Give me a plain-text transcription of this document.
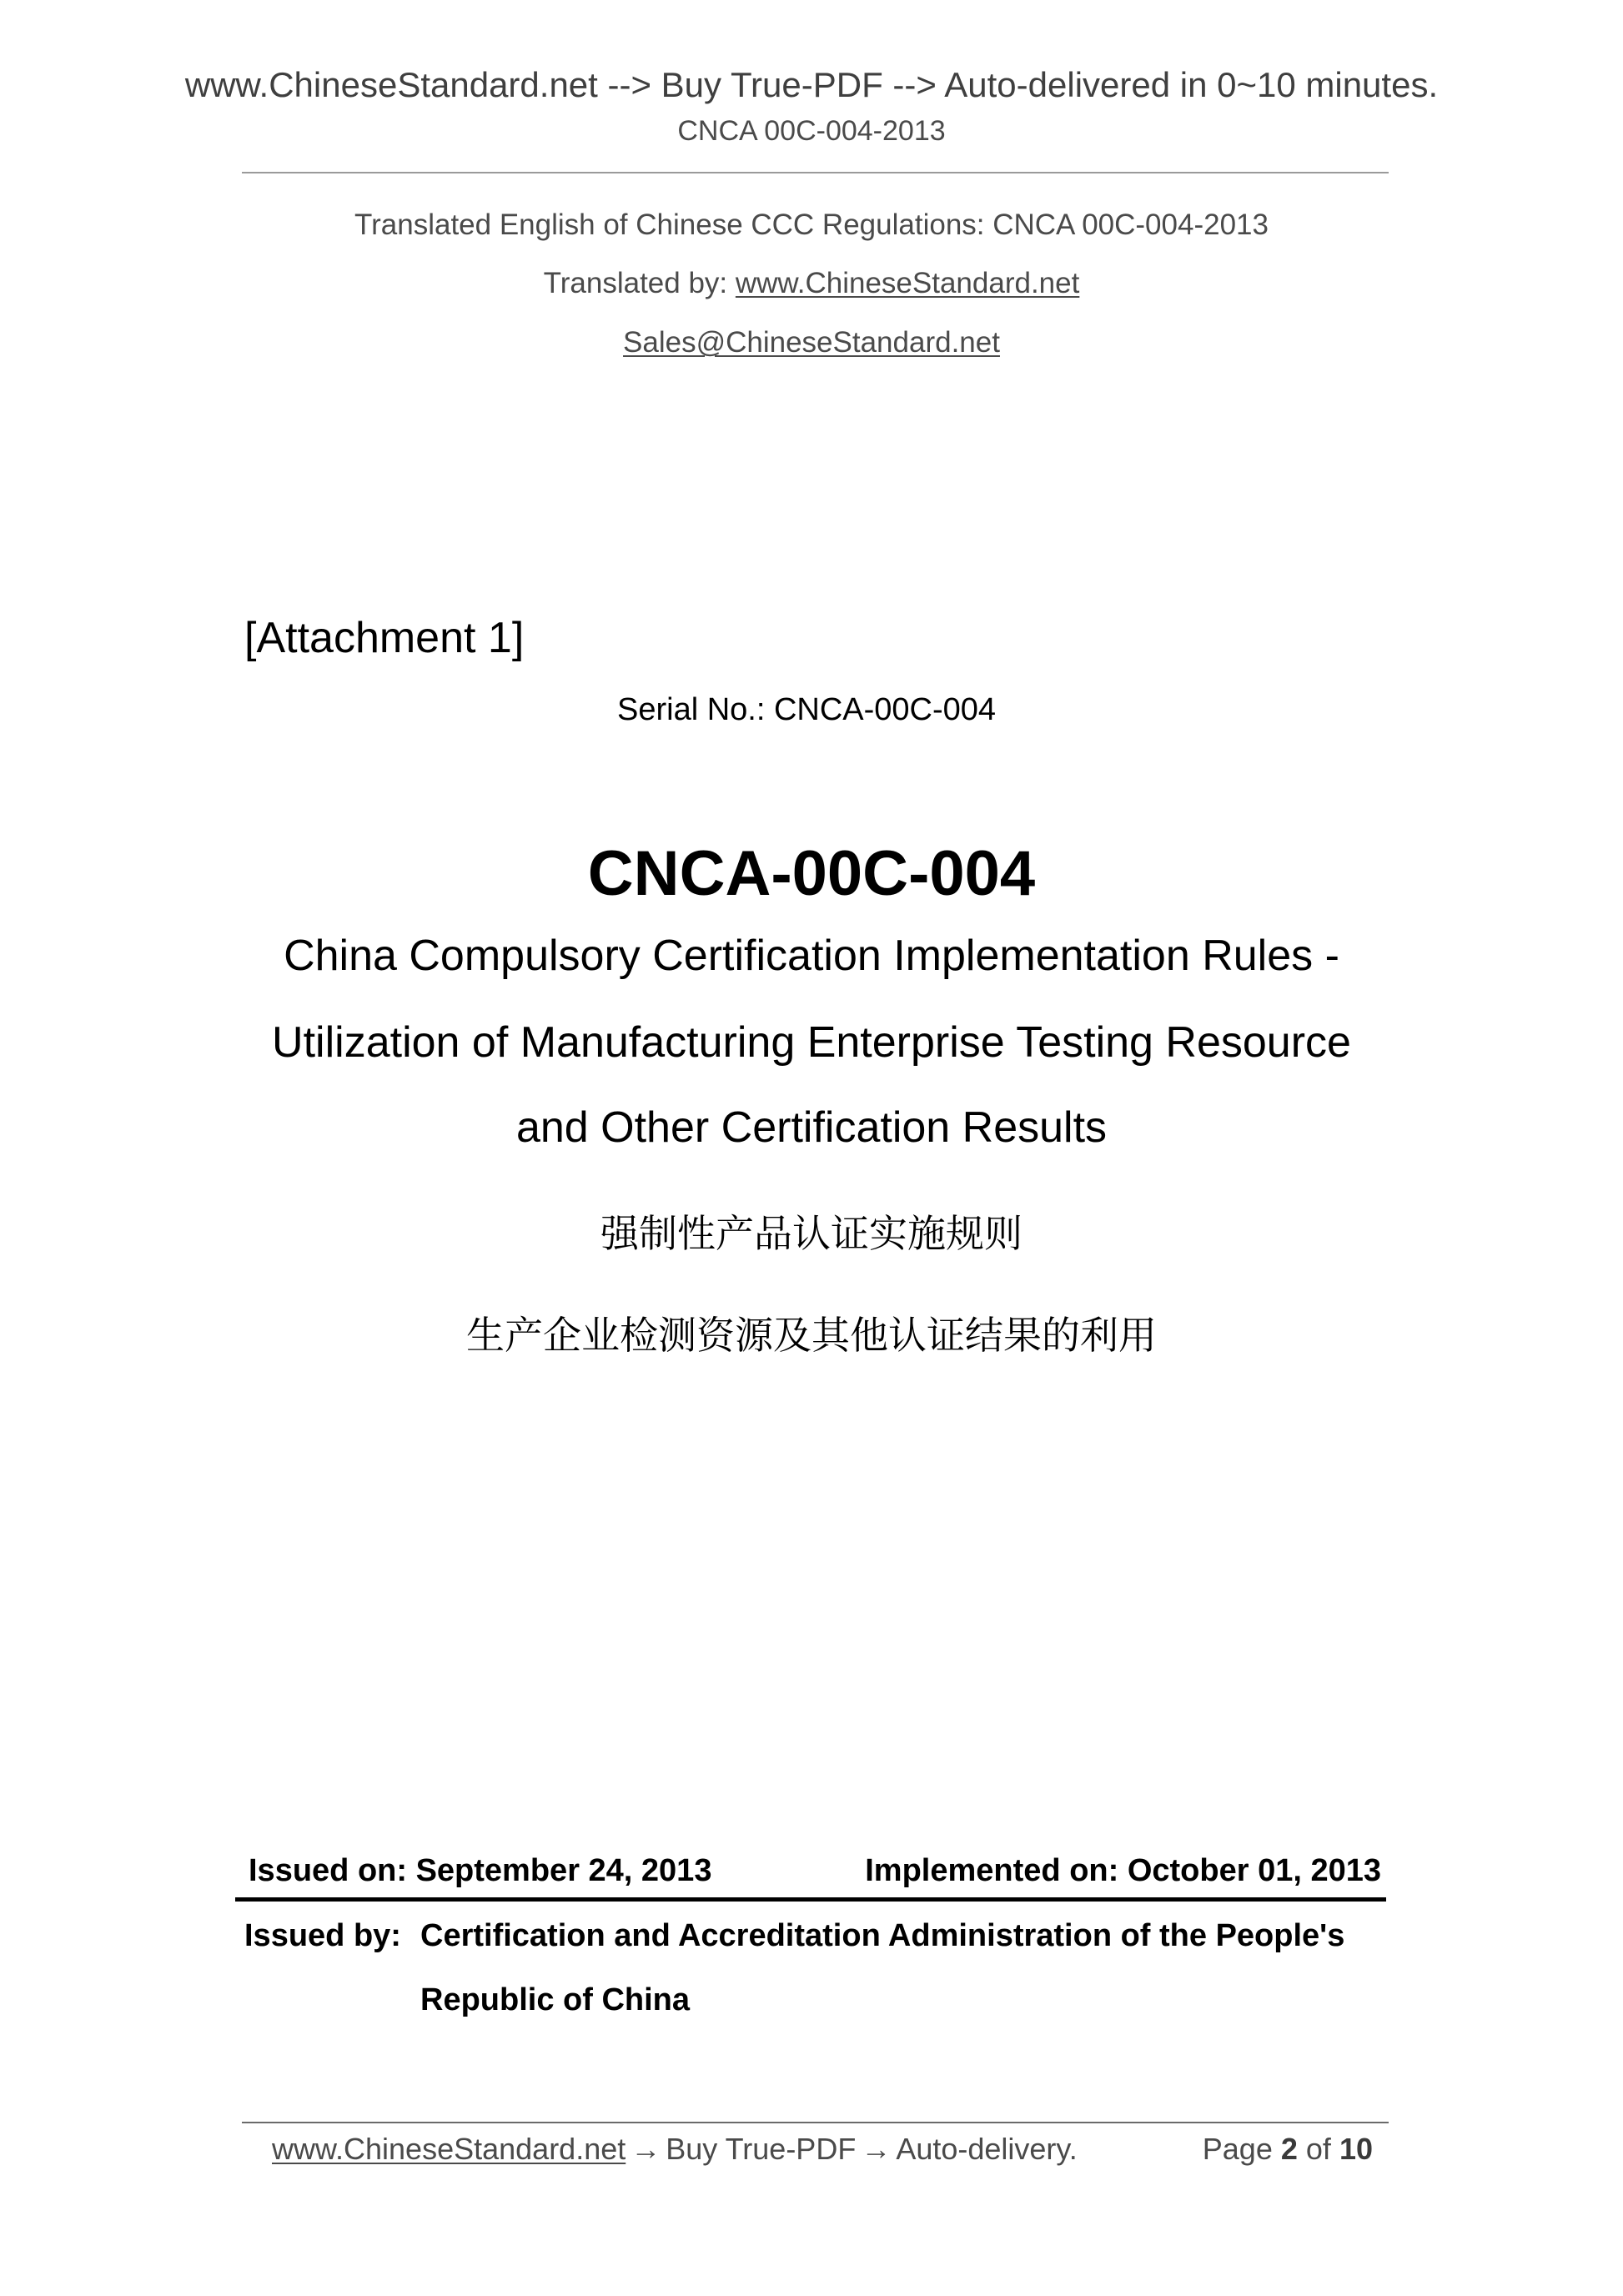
www.ChineseStandard.net --> Buy True-PDF --> Auto-delivered in 0~10 minutes.
CNCA 00C-004-2013
Translated English of Chinese CCC Regulations: CNCA 00C-004-2013
Translated by: www.ChineseStandard.net
Sales@ChineseStandard.net
[Attachment 1]
Serial No.: CNCA-00C-004
CNCA-00C-004
China Compulsory Certification Implementation Rules -
Utilization of Manufacturing Enterprise Testing Resource
and Other Certification Results
强制性产品认证实施规则
生产企业检测资源及其他认证结果的利用
Issued on: September 24, 2013	Implemented on: October 01, 2013
Issued by: Certification and Accreditation Administration of the People's
Republic of China
www.ChineseStandard.net → Buy True-PDF → Auto-delivery.	Page 2 of 10
